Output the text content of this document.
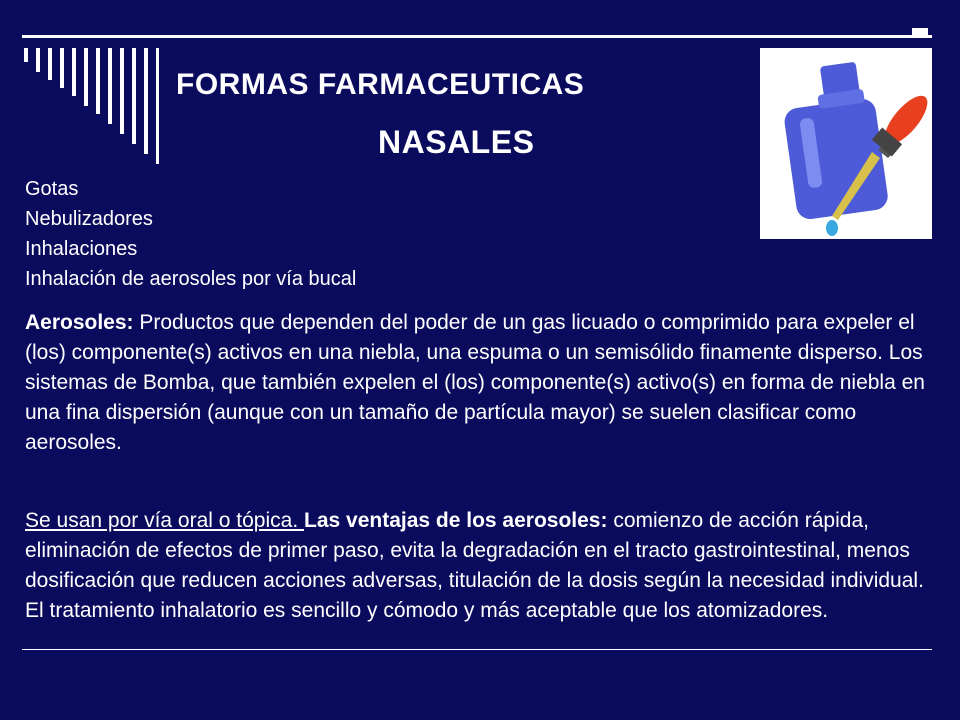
FORMAS FARMACEUTICAS
NASALES
Gotas
Nebulizadores
Inhalaciones
Inhalación de aerosoles por vía bucal

Aerosoles: Productos que dependen del poder de un gas licuado o comprimido para expeler el (los) componente(s) activos en una niebla, una espuma o un semisólido finamente disperso. Los sistemas de Bomba, que también expelen el (los) componente(s) activo(s) en forma de niebla en una fina dispersión (aunque con un tamaño de partícula mayor) se suelen clasificar como aerosoles.

Se usan por vía oral o tópica. Las ventajas de los aerosoles: comienzo de acción rápida, eliminación de efectos de primer paso, evita la degradación en el tracto gastrointestinal, menos dosificación que reducen acciones adversas, titulación de la dosis según la necesidad individual. El tratamiento inhalatorio es sencillo y cómodo y más aceptable que los atomizadores.
